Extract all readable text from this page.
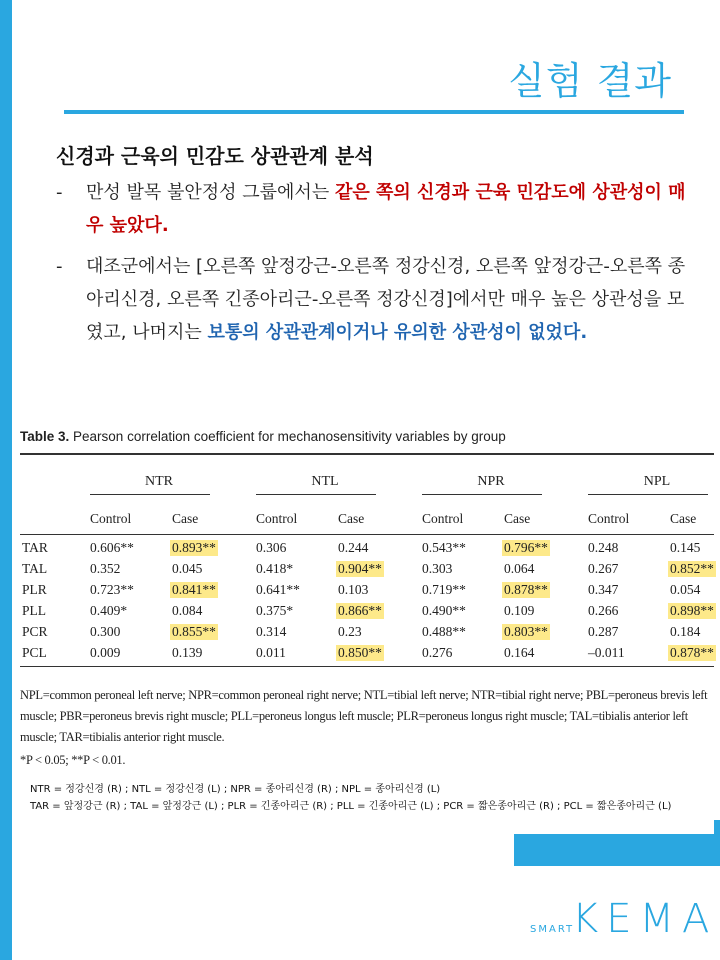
실험 결과
신경과 근육의 민감도 상관관계 분석
- 만성 발목 불안정성 그룹에서는 같은 쪽의 신경과 근육 민감도에 상관성이 매우 높았다.
- 대조군에서는 [오른쪽 앞정강근-오른쪽 정강신경, 오른쪽 앞정강근-오른쪽 종아리신경, 오른쪽 긴종아리근-오른쪽 정강신경]에서만 매우 높은 상관성을 모였고, 나머지는 보통의 상관관계이거나 유의한 상관성이 없었다.
Table 3. Pearson correlation coefficient for mechanosensitivity variables by group
NTR	NTL	NPR	NPL
Control	Case	Control	Case	Control	Case	Control	Case
TAR	0.606**	0.893**	0.306	0.244	0.543**	0.796**	0.248	0.145
TAL	0.352	0.045	0.418*	0.904**	0.303	0.064	0.267	0.852**
PLR	0.723**	0.841**	0.641**	0.103	0.719**	0.878**	0.347	0.054
PLL	0.409*	0.084	0.375*	0.866**	0.490**	0.109	0.266	0.898**
PCR	0.300	0.855**	0.314	0.23	0.488**	0.803**	0.287	0.184
PCL	0.009	0.139	0.011	0.850**	0.276	0.164	–0.011	0.878**
NPL=common peroneal left nerve; NPR=common peroneal right nerve; NTL=tibial left nerve; NTR=tibial right nerve; PBL=peroneus brevis left muscle; PBR=peroneus brevis right muscle; PLL=peroneus longus left muscle; PLR=peroneus longus right muscle; TAL=tibialis anterior left muscle; TAR=tibialis anterior right muscle.
*P < 0.05; **P < 0.01.
NTR = 정강신경 (R) ; NTL = 정강신경 (L) ; NPR = 종아리신경 (R) ; NPL = 종아리신경 (L)
TAR = 앞정강근 (R) ; TAL = 앞정강근 (L) ; PLR = 긴종아리근 (R) ; PLL = 긴종아리근 (L) ; PCR = 짧은종아리근 (R) ; PCL = 짧은종아리근 (L)
SMART
KEMA
